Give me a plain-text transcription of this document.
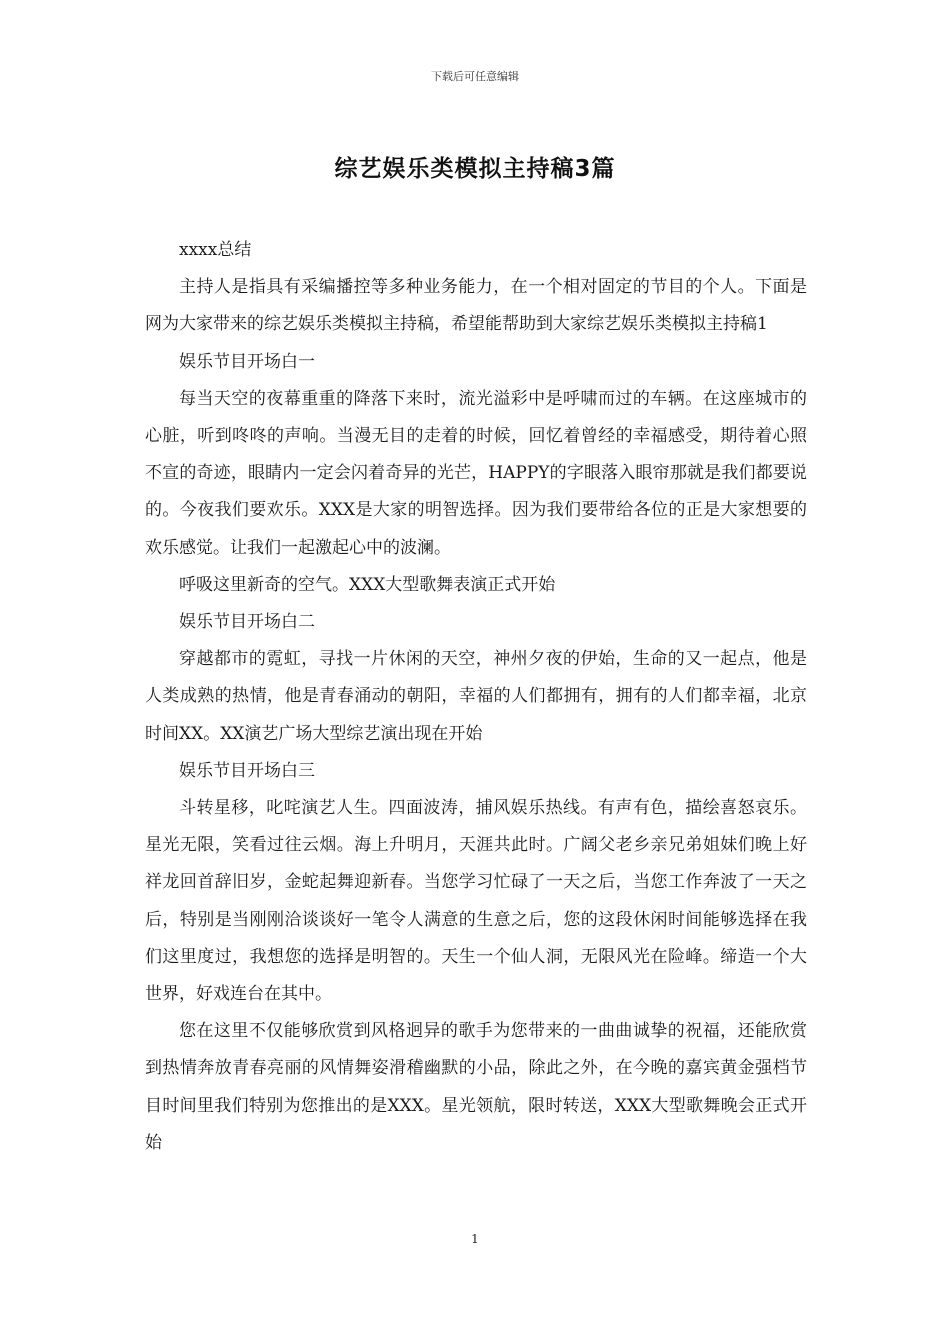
下载后可任意编辑
综艺娱乐类模拟主持稿3篇

xxxx总结

主持人是指具有采编播控等多种业务能力，在一个相对固定的节目的个人。下面是网为大家带来的综艺娱乐类模拟主持稿，希望能帮助到大家综艺娱乐类模拟主持稿1

娱乐节目开场白一

每当天空的夜幕重重的降落下来时，流光溢彩中是呼啸而过的车辆。在这座城市的心脏，听到咚咚的声响。当漫无目的走着的时候，回忆着曾经的幸福感受，期待着心照不宣的奇迹，眼睛内一定会闪着奇异的光芒，HAPPY的字眼落入眼帘那就是我们都要说的。今夜我们要欢乐。XXX是大家的明智选择。因为我们要带给各位的正是大家想要的欢乐感觉。让我们一起激起心中的波澜。

呼吸这里新奇的空气。XXX大型歌舞表演正式开始

娱乐节目开场白二

穿越都市的霓虹，寻找一片休闲的天空，神州夕夜的伊始，生命的又一起点，他是人类成熟的热情，他是青春涌动的朝阳，幸福的人们都拥有，拥有的人们都幸福，北京时间XX。XX演艺广场大型综艺演出现在开始

娱乐节目开场白三

斗转星移，叱咤演艺人生。四面波涛，捕风娱乐热线。有声有色，描绘喜怒哀乐。星光无限，笑看过往云烟。海上升明月，天涯共此时。广阔父老乡亲兄弟姐妹们晚上好祥龙回首辞旧岁，金蛇起舞迎新春。当您学习忙碌了一天之后，当您工作奔波了一天之后，特别是当刚刚洽谈谈好一笔令人满意的生意之后，您的这段休闲时间能够选择在我们这里度过，我想您的选择是明智的。天生一个仙人洞，无限风光在险峰。缔造一个大世界，好戏连台在其中。

您在这里不仅能够欣赏到风格迥异的歌手为您带来的一曲曲诚挚的祝福，还能欣赏到热情奔放青春亮丽的风情舞姿滑稽幽默的小品，除此之外，在今晚的嘉宾黄金强档节目时间里我们特别为您推出的是XXX。星光领航，限时转送，XXX大型歌舞晚会正式开始

1
